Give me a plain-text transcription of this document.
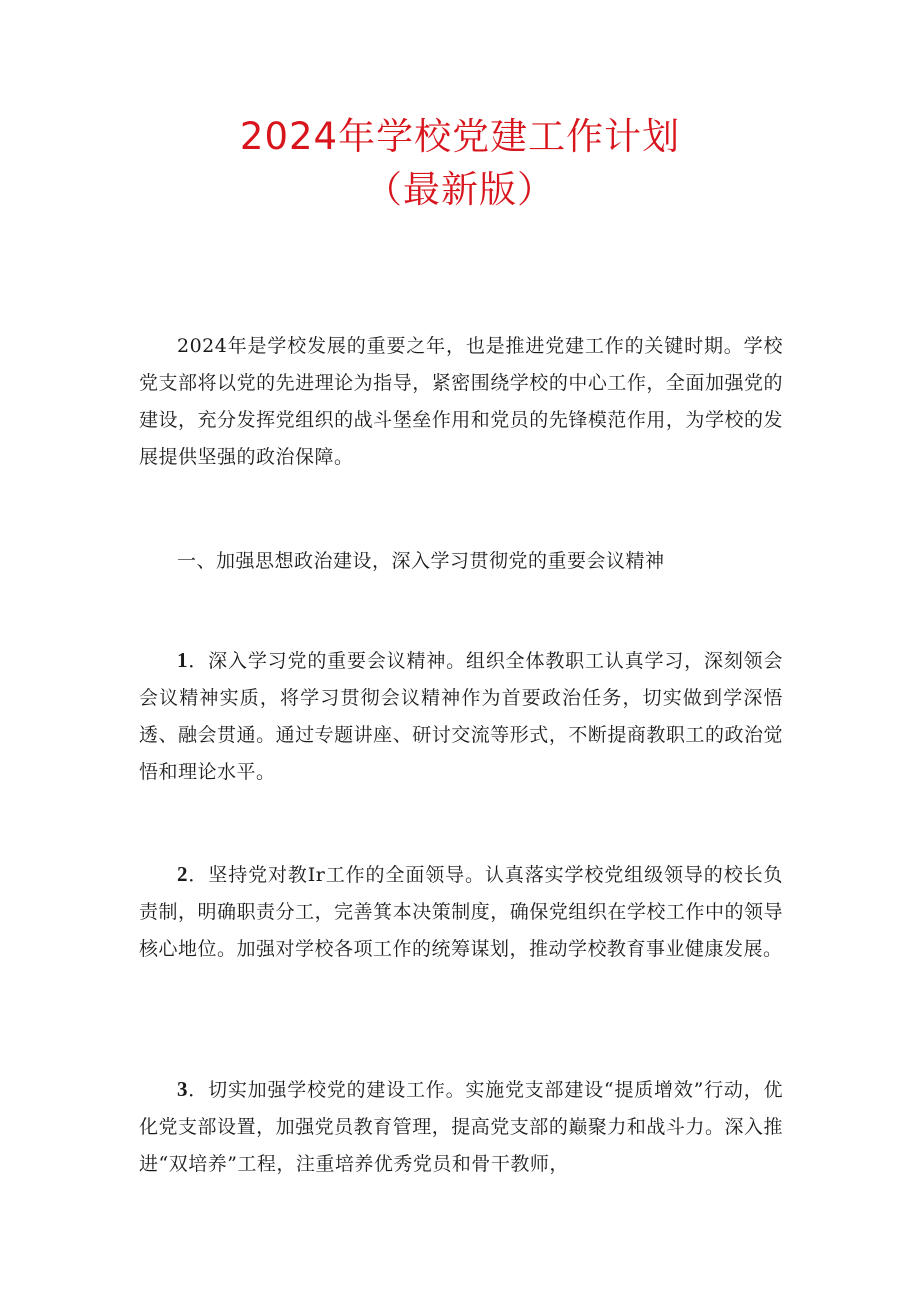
2024年学校党建工作计划
（最新版）

2024年是学校发展的重要之年，也是推进党建工作的关键时期。学校党支部将以党的先进理论为指导，紧密围绕学校的中心工作，全面加强党的建设，充分发挥党组织的战斗堡垒作用和党员的先锋模范作用，为学校的发展提供坚强的政治保障。

一、加强思想政治建设，深入学习贯彻党的重要会议精神

1．深入学习党的重要会议精神。组织全体教职工认真学习，深刻领会会议精神实质，将学习贯彻会议精神作为首要政治任务，切实做到学深悟透、融会贯通。通过专题讲座、研讨交流等形式，不断提商教职工的政治觉悟和理论水平。

2．坚持党对教Ir工作的全面领导。认真落实学校党组级领导的校长负责制，明确职责分工，完善箕本决策制度，确保党组织在学校工作中的领导核心地位。加强对学校各项工作的统筹谋划，推动学校教育事业健康发展。

3．切实加强学校党的建设工作。实施党支部建设“提质增效”行动，优化党支部设置，加强党员教育管理，提高党支部的巅聚力和战斗力。深入推进“双培养”工程，注重培养优秀党员和骨干教师，
